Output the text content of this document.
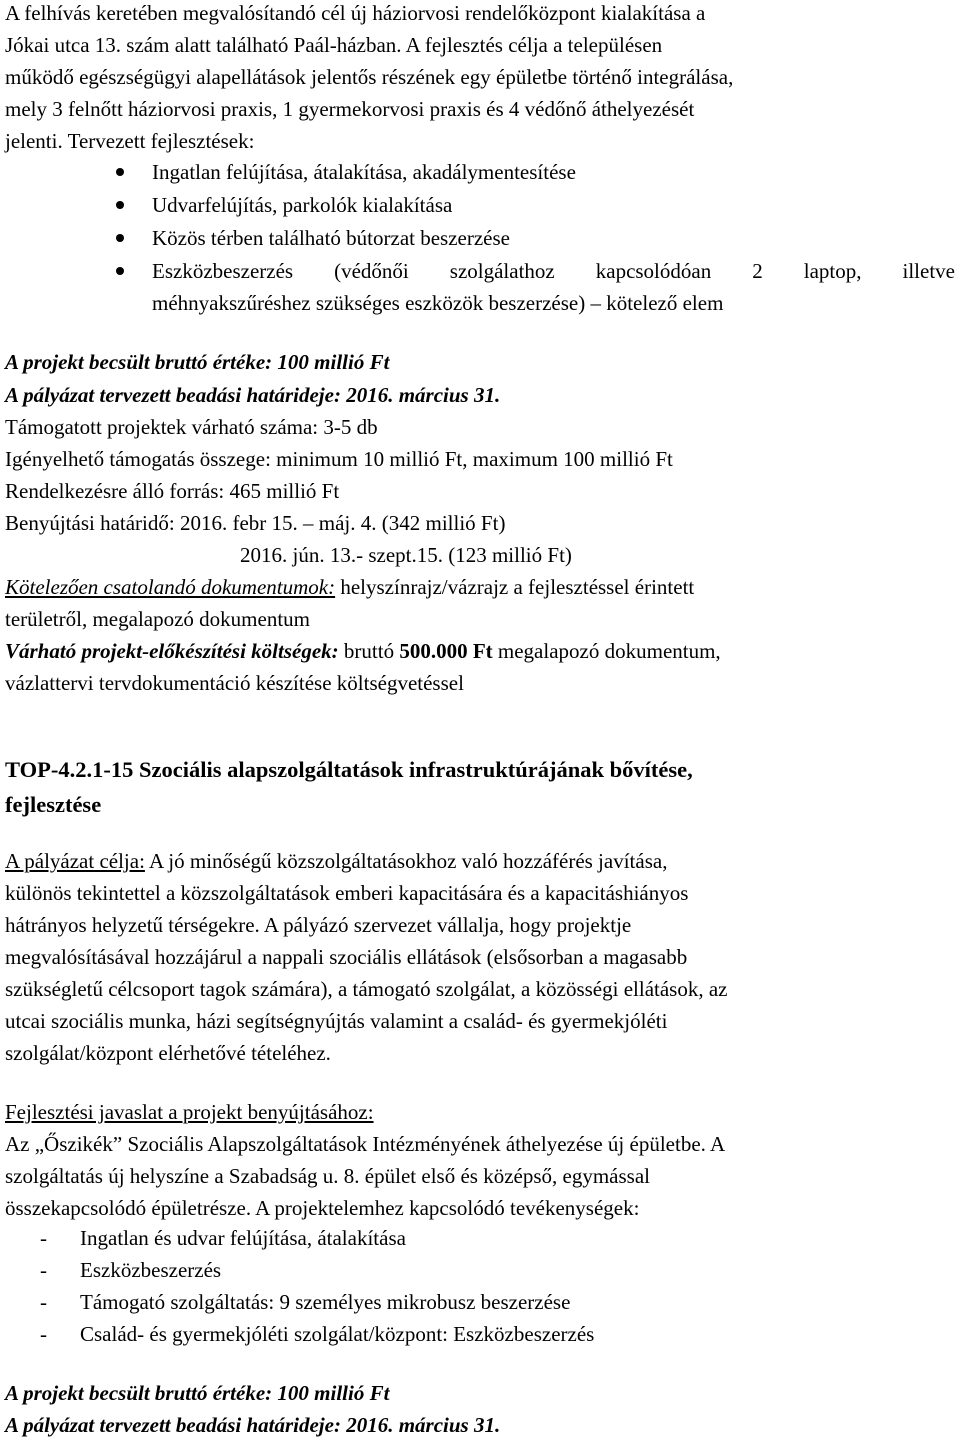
A felhívás keretében megvalósítandó cél új háziorvosi rendelőközpont kialakítása a
Jókai utca 13. szám alatt található Paál-házban. A fejlesztés célja a településen
működő egészségügyi alapellátások jelentős részének egy épületbe történő integrálása,
mely 3 felnőtt háziorvosi praxis, 1 gyermekorvosi praxis és 4 védőnő áthelyezését
jelenti. Tervezett fejlesztések:
Ingatlan felújítása, átalakítása, akadálymentesítése
Udvarfelújítás, parkolók kialakítása
Közös térben található bútorzat beszerzése
Eszközbeszerzés (védőnői szolgálathoz kapcsolódóan 2 laptop, illetve
méhnyakszűréshez szükséges eszközök beszerzése) – kötelező elem
A projekt becsült bruttó értéke: 100 millió Ft
A pályázat tervezett beadási határideje: 2016. március 31.
Támogatott projektek várható száma: 3-5 db
Igényelhető támogatás összege: minimum 10 millió Ft, maximum 100 millió Ft
Rendelkezésre álló forrás: 465 millió Ft
Benyújtási határidő: 2016. febr 15. – máj. 4. (342 millió Ft)
2016. jún. 13.- szept.15. (123 millió Ft)
Kötelezően csatolandó dokumentumok: helyszínrajz/vázrajz a fejlesztéssel érintett
területről, megalapozó dokumentum
Várható projekt-előkészítési költségek: bruttó 500.000 Ft megalapozó dokumentum,
vázlattervi tervdokumentáció készítése költségvetéssel
TOP-4.2.1-15 Szociális alapszolgáltatások infrastruktúrájának bővítése,
fejlesztése
A pályázat célja: A jó minőségű közszolgáltatásokhoz való hozzáférés javítása,
különös tekintettel a közszolgáltatások emberi kapacitására és a kapacitáshiányos
hátrányos helyzetű térségekre. A pályázó szervezet vállalja, hogy projektje
megvalósításával hozzájárul a nappali szociális ellátások (elsősorban a magasabb
szükségletű célcsoport tagok számára), a támogató szolgálat, a közösségi ellátások, az
utcai szociális munka, házi segítségnyújtás valamint a család- és gyermekjóléti
szolgálat/központ elérhetővé tételéhez.
Fejlesztési javaslat a projekt benyújtásához:
Az „Őszikék” Szociális Alapszolgáltatások Intézményének áthelyezése új épületbe. A
szolgáltatás új helyszíne a Szabadság u. 8. épület első és középső, egymással
összekapcsolódó épületrésze. A projektelemhez kapcsolódó tevékenységek:
- Ingatlan és udvar felújítása, átalakítása
- Eszközbeszerzés
- Támogató szolgáltatás: 9 személyes mikrobusz beszerzése
- Család- és gyermekjóléti szolgálat/központ: Eszközbeszerzés
A projekt becsült bruttó értéke: 100 millió Ft
A pályázat tervezett beadási határideje: 2016. március 31.
